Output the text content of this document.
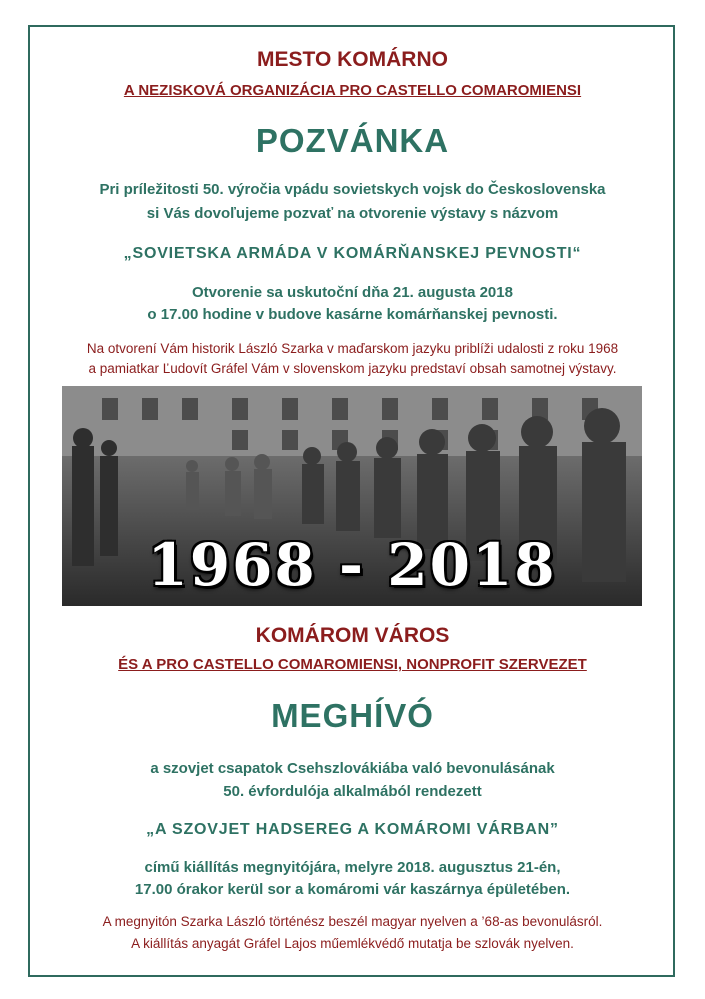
MESTO KOMÁRNO
A NEZISKOVÁ ORGANIZÁCIA PRO CASTELLO COMAROMIENSI
POZVÁNKA
Pri príležitosti 50. výročia vpádu sovietskych vojsk do Československa
si Vás dovoľujeme pozvať na otvorenie výstavy s názvom
„SOVIETSKA ARMÁDA V KOMÁRŇANSKEJ PEVNOSTI“
Otvorenie sa uskutoční dňa 21. augusta 2018
o 17.00 hodine v budove kasárne komárňanskej pevnosti.
Na otvorení Vám historik László Szarka v maďarskom jazyku priblíži udalosti z roku 1968
a pamiatkar Ľudovít Gráfel Vám v slovenskom jazyku predstaví obsah samotnej výstavy.
1968 - 2018
KOMÁROM VÁROS
ÉS A PRO CASTELLO COMAROMIENSI, NONPROFIT SZERVEZET
MEGHÍVÓ
a szovjet csapatok Csehszlovákiába való bevonulásának
50. évfordulója alkalmából rendezett
„A SZOVJET HADSEREG A KOMÁROMI VÁRBAN”
című kiállítás megnyitójára, melyre 2018. augusztus 21-én,
17.00 órakor kerül sor a komáromi vár kaszárnya épületében.
A megnyitón Szarka László történész beszél magyar nyelven a ’68-as bevonulásról.
A kiállítás anyagát Gráfel Lajos műemlékvédő mutatja be szlovák nyelven.
